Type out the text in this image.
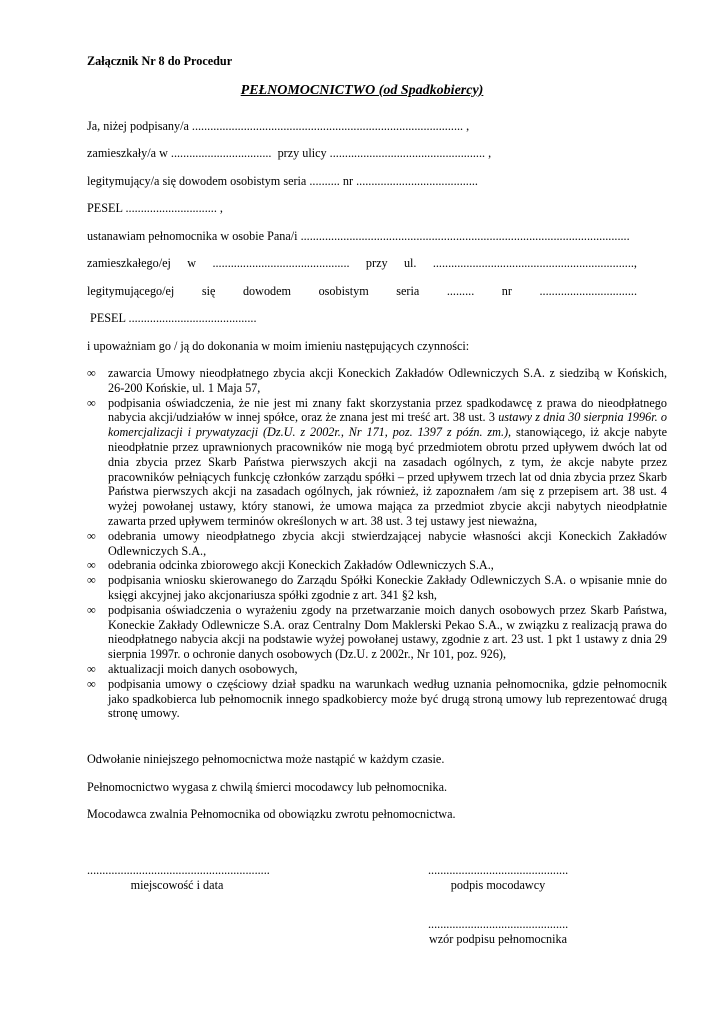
Załącznik Nr 8 do Procedur
PEŁNOMOCNICTWO (od Spadkobiercy)
Ja, niżej podpisany/a ......................................................................................... ,
zamieszkały/a w ................................. przy ulicy ................................................... ,
legitymujący/a się dowodem osobistym seria .......... nr ........................................
PESEL .............................. ,
ustanawiam pełnomocnika w osobie Pana/i ............................................................................................................
zamieszkałego/ej w ............................................. przy ul. ..................................................................,
legitymującego/ej się dowodem osobistym seria ......... nr ................................
PESEL ..........................................
i upoważniam go / ją do dokonania w moim imieniu następujących czynności:
∞ zawarcia Umowy nieodpłatnego zbycia akcji Koneckich Zakładów Odlewniczych S.A. z siedzibą w Końskich, 26-200 Końskie, ul. 1 Maja 57,
∞ podpisania oświadczenia, że nie jest mi znany fakt skorzystania przez spadkodawcę z prawa do nieodpłatnego nabycia akcji/udziałów w innej spółce, oraz że znana jest mi treść art. 38 ust. 3 ustawy z dnia 30 sierpnia 1996r. o komercjalizacji i prywatyzacji (Dz.U. z 2002r., Nr 171, poz. 1397 z późn. zm.), stanowiącego, iż akcje nabyte nieodpłatnie przez uprawnionych pracowników nie mogą być przedmiotem obrotu przed upływem dwóch lat od dnia zbycia przez Skarb Państwa pierwszych akcji na zasadach ogólnych, z tym, że akcje nabyte przez pracowników pełniących funkcję członków zarządu spółki – przed upływem trzech lat od dnia zbycia przez Skarb Państwa pierwszych akcji na zasadach ogólnych, jak również, iż zapoznałem /am się z przepisem art. 38 ust. 4 wyżej powołanej ustawy, który stanowi, że umowa mająca za przedmiot zbycie akcji nabytych nieodpłatnie zawarta przed upływem terminów określonych w art. 38 ust. 3 tej ustawy jest nieważna,
∞ odebrania umowy nieodpłatnego zbycia akcji stwierdzającej nabycie własności akcji Koneckich Zakładów Odlewniczych S.A.,
∞ odebrania odcinka zbiorowego akcji Koneckich Zakładów Odlewniczych S.A.,
∞ podpisania wniosku skierowanego do Zarządu Spółki Koneckie Zakłady Odlewniczych S.A. o wpisanie mnie do księgi akcyjnej jako akcjonariusza spółki zgodnie z art. 341 §2 ksh,
∞ podpisania oświadczenia o wyrażeniu zgody na przetwarzanie moich danych osobowych przez Skarb Państwa, Koneckie Zakłady Odlewnicze S.A. oraz Centralny Dom Maklerski Pekao S.A., w związku z realizacją prawa do nieodpłatnego nabycia akcji na podstawie wyżej powołanej ustawy, zgodnie z art. 23 ust. 1 pkt 1 ustawy z dnia 29 sierpnia 1997r. o ochronie danych osobowych (Dz.U. z 2002r., Nr 101, poz. 926),
∞ aktualizacji moich danych osobowych,
∞ podpisania umowy o częściowy dział spadku na warunkach według uznania pełnomocnika, gdzie pełnomocnik jako spadkobierca lub pełnomocnik innego spadkobiercy może być drugą stroną umowy lub reprezentować drugą stronę umowy.
Odwołanie niniejszego pełnomocnictwa może nastąpić w każdym czasie.
Pełnomocnictwo wygasa z chwilą śmierci mocodawcy lub pełnomocnika.
Mocodawca zwalnia Pełnomocnika od obowiązku zwrotu pełnomocnictwa.
............................................................
miejscowość i data
..............................................
podpis mocodawcy
..............................................
wzór podpisu pełnomocnika
